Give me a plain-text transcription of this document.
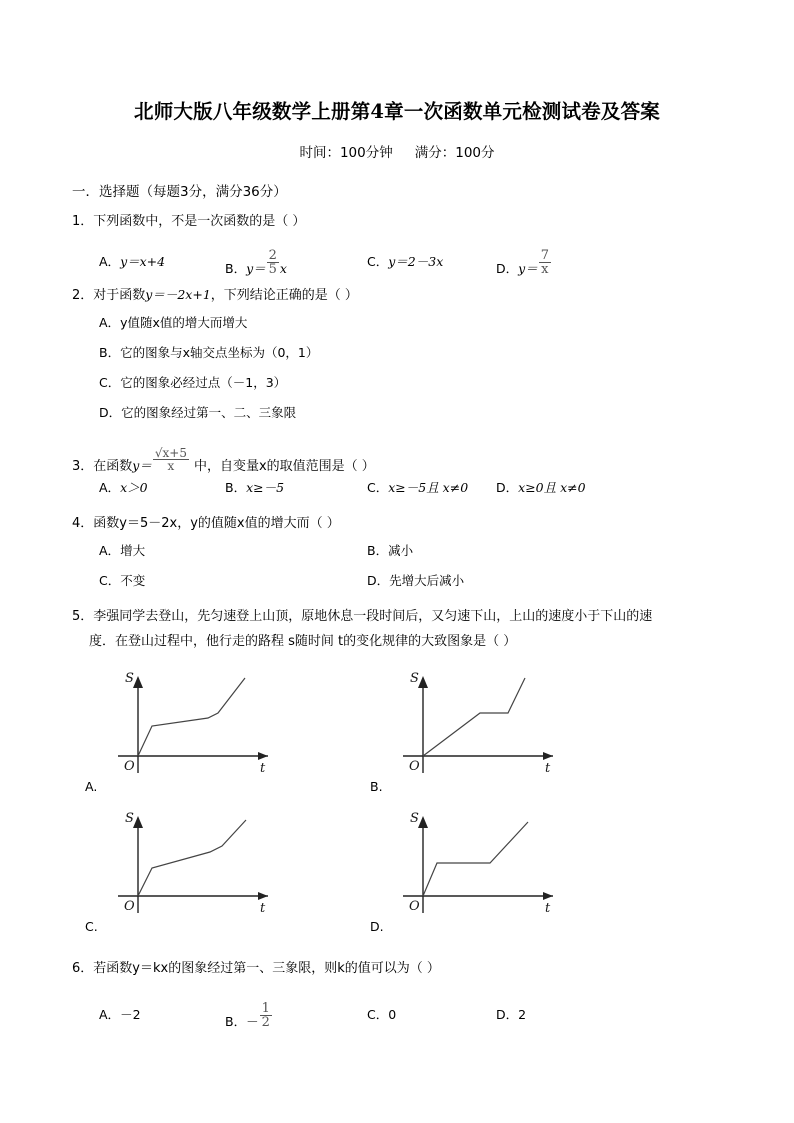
北师大版八年级数学上册第4章一次函数单元检测试卷及答案
时间：100分钟 满分：100分
一．选择题（每题3分，满分36分）
1．下列函数中，不是一次函数的是（ ）
A．y＝x+4	B．$y= \frac{2}{5}$ x	C．y＝2－3x	D．$y= \frac{7}{x}$
2．对于函数y＝－2x+1，下列结论正确的是（ ）
A．y值随x值的增大而增大
B．它的图象与x轴交点坐标为（0，1）
C．它的图象必经过点（－1，3）
D．它的图象经过第一、二、三象限
3．在函数$y= \frac{√x+5}{x}$ 中，自变量x的取值范围是（ ）
A．x＞0	B．x≥－5	C．x≥－5且 x≠0 D．x≥0且 x≠0
4．函数y＝5－2x，y的值随x值的增大而（ ）
A．增大	B．减小
C．不变	D．先增大后减小
5．李强同学去登山，先匀速登上山顶，原地休息一段时间后，又匀速下山，上山的速度小于下山的速
度．在登山过程中，他行走的路程 s随时间 t的变化规律的大致图象是（ ）
S
t
O
A.
S
t
O
B.
S
t
O
C.
S
t
O
D.
6．若函数y＝kx的图象经过第一、三象限，则k的值可以为（ ）
A．－2	B．－ $\frac{1}{2}$	C．0	D．2
